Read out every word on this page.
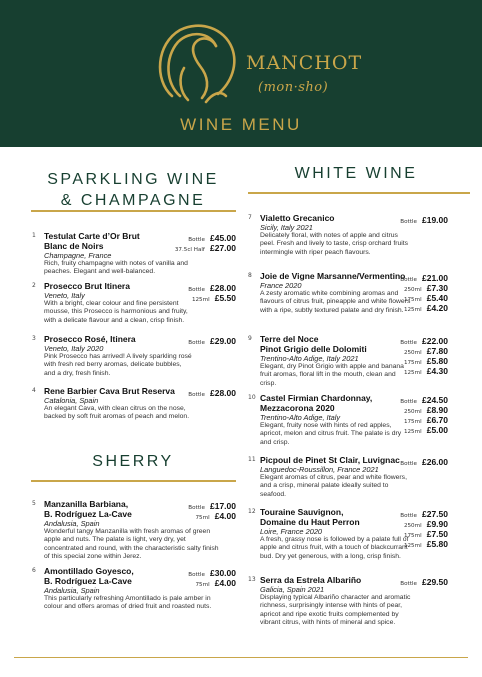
MANCHOT
(mon·sho)
WINE MENU
SPARKLING WINE
& CHAMPAGNE
SHERRY
WHITE WINE
1 Testulat Carte d’Or Brut
Blanc de Noirs
Champagne, France
Rich, fruity champagne with notes of vanilla and peaches. Elegant and well-balanced.
Bottle £45.00
37.5cl Half £27.00
2 Prosecco Brut Itinera
Veneto, Italy
With a bright, clear colour and fine persistent mousse, this Prosecco is harmonious and fruity, with a delicate flavour and a clean, crisp finish.
Bottle £28.00
125ml £5.50
3 Prosecco Rosé, Itinera
Veneto, Italy 2020
Pink Prosecco has arrived! A lively sparkling rosé with fresh red berry aromas, delicate bubbles, and a dry, fresh finish.
Bottle £29.00
4 Rene Barbier Cava Brut Reserva
Catalonia, Spain
An elegant Cava, with clean citrus on the nose, backed by soft fruit aromas of peach and melon.
Bottle £28.00
5 Manzanilla Barbiana,
B. Rodríguez La-Cave
Andalusia, Spain
Wonderful tangy Manzanilla with fresh aromas of green apple and nuts. The palate is light, very dry, yet concentrated and round, with the characteristic salty finish of this special zone within Jerez.
Bottle £17.00
75ml £4.00
6 Amontillado Goyesco,
B. Rodríguez La-Cave
Andalusia, Spain
This particularly refreshing Amontillado is pale amber in colour and offers aromas of dried fruit and roasted nuts.
Bottle £30.00
75ml £4.00
7 Vialetto Grecanico
Sicily, Italy 2021
Delicately floral, with notes of apple and citrus peel. Fresh and lively to taste, crisp orchard fruits intermingle with riper peach flavours.
Bottle £19.00
8 Joie de Vigne Marsanne/Vermentino
France 2020
A zesty aromatic white combining aromas and flavours of citrus fruit, pineapple and white flowers with a ripe, subtly textured palate and dry finish.
Bottle £21.00
250ml £7.30
175ml £5.40
125ml £4.20
9 Terre del Noce
Pinot Grigio delle Dolomiti
Trentino-Alto Adige, Italy 2021
Elegant, dry Pinot Grigio with apple and banana fruit aromas, floral lift in the mouth, clean and crisp.
Bottle £22.00
250ml £7.80
175ml £5.80
125ml £4.30
10 Castel Firmian Chardonnay,
Mezzacorona 2020
Trentino-Alto Adige, Italy
Elegant, fruity nose with hints of red apples, apricot, melon and citrus fruit. The palate is dry and crisp.
Bottle £24.50
250ml £8.90
175ml £6.70
125ml £5.00
11 Picpoul de Pinet St Clair, Luvignac
Languedoc-Roussillon, France 2021
Elegant aromas of citrus, pear and white flowers, and a crisp, mineral palate ideally suited to seafood.
Bottle £26.00
12 Touraine Sauvignon,
Domaine du Haut Perron
Loire, France 2020
A fresh, grassy nose is followed by a palate full of apple and citrus fruit, with a touch of blackcurrant bud. Dry yet generous, with a long, crisp finish.
Bottle £27.50
250ml £9.90
175ml £7.50
125ml £5.80
13 Serra da Estrela Albariño
Galicia, Spain 2021
Displaying typical Albariño character and aromatic richness, surprisingly intense with hints of pear, apricot and ripe exotic fruits complemented by vibrant citrus, with hints of mineral and spice.
Bottle £29.50
